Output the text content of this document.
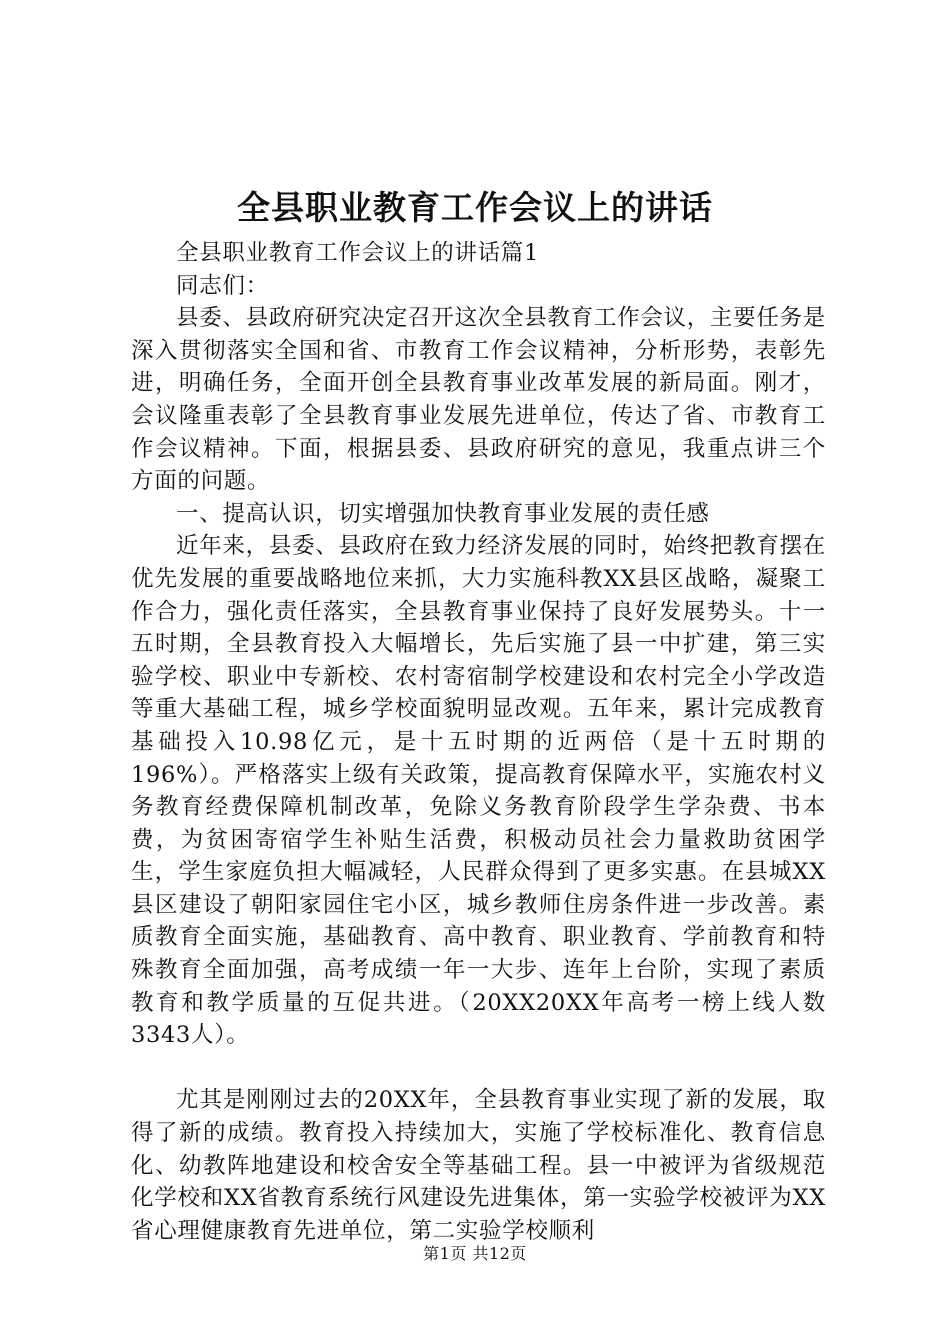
全县职业教育工作会议上的讲话

全县职业教育工作会议上的讲话篇1

同志们：

县委、县政府研究决定召开这次全县教育工作会议，主要任务是深入贯彻落实全国和省、市教育工作会议精神，分析形势，表彰先进，明确任务，全面开创全县教育事业改革发展的新局面。刚才，会议隆重表彰了全县教育事业发展先进单位，传达了省、市教育工作会议精神。下面，根据县委、县政府研究的意见，我重点讲三个方面的问题。

一、提高认识，切实增强加快教育事业发展的责任感

近年来，县委、县政府在致力经济发展的同时，始终把教育摆在优先发展的重要战略地位来抓，大力实施科教XX县区战略，凝聚工作合力，强化责任落实，全县教育事业保持了良好发展势头。十一五时期，全县教育投入大幅增长，先后实施了县一中扩建，第三实验学校、职业中专新校、农村寄宿制学校建设和农村完全小学改造等重大基础工程，城乡学校面貌明显改观。五年来，累计完成教育基础投入10.98亿元，是十五时期的近两倍（是十五时期的196%）。严格落实上级有关政策，提高教育保障水平，实施农村义务教育经费保障机制改革，免除义务教育阶段学生学杂费、书本费，为贫困寄宿学生补贴生活费，积极动员社会力量救助贫困学生，学生家庭负担大幅减轻，人民群众得到了更多实惠。在县城XX县区建设了朝阳家园住宅小区，城乡教师住房条件进一步改善。素质教育全面实施，基础教育、高中教育、职业教育、学前教育和特殊教育全面加强，高考成绩一年一大步、连年上台阶，实现了素质教育和教学质量的互促共进。（20XX20XX年高考一榜上线人数3343人）。

尤其是刚刚过去的20XX年，全县教育事业实现了新的发展，取得了新的成绩。教育投入持续加大，实施了学校标准化、教育信息化、幼教阵地建设和校舍安全等基础工程。县一中被评为省级规范化学校和XX省教育系统行风建设先进集体，第一实验学校被评为XX省心理健康教育先进单位，第二实验学校顺利

第1页 共12页
